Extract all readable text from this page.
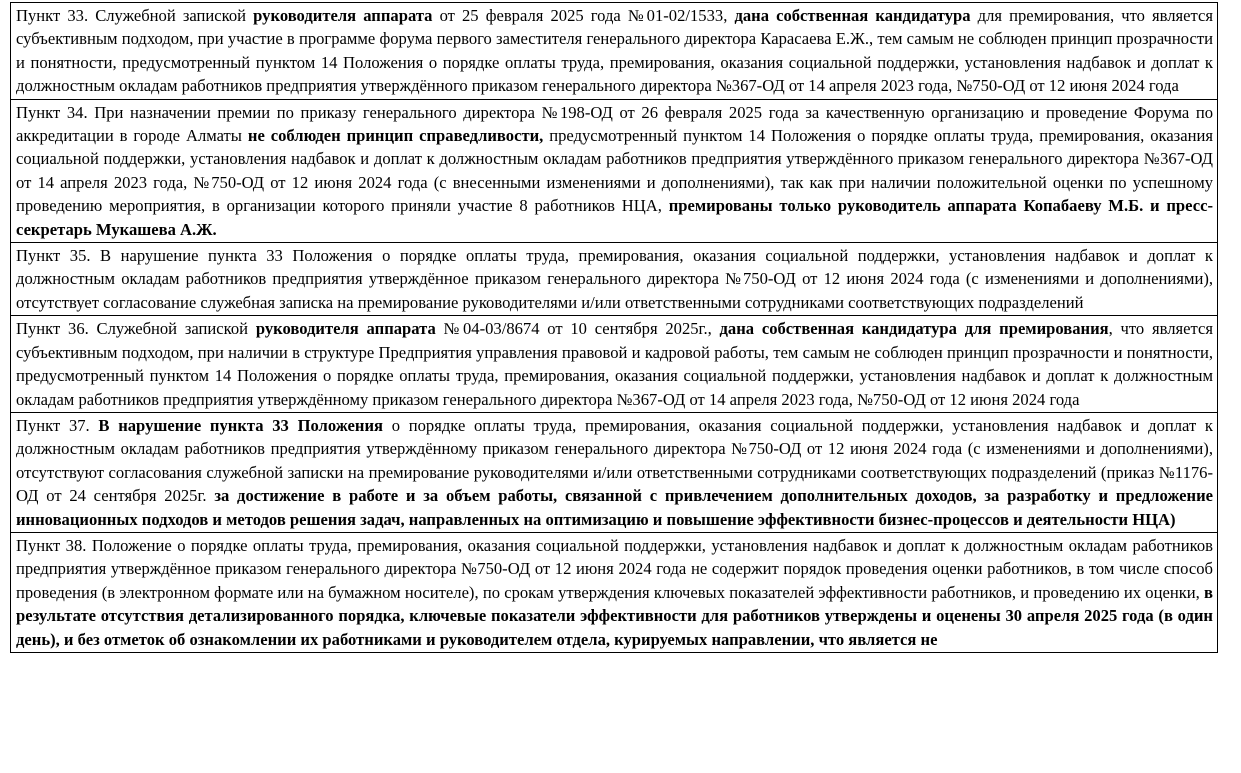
Пункт 33. Служебной запиской руководителя аппарата от 25 февраля 2025 года №01-02/1533, дана собственная кандидатура для премирования, что является субъективным подходом, при участие в программе форума первого заместителя генерального директора Карасаева Е.Ж., тем самым не соблюден принцип прозрачности и понятности, предусмотренный пунктом 14 Положения о порядке оплаты труда, премирования, оказания социальной поддержки, установления надбавок и доплат к должностным окладам работников предприятия утверждённого приказом генерального директора №367-ОД от 14 апреля 2023 года, №750-ОД от 12 июня 2024 года
Пункт 34. При назначении премии по приказу генерального директора №198-ОД от 26 февраля 2025 года за качественную организацию и проведение Форума по аккредитации в городе Алматы не соблюден принцип справедливости, предусмотренный пунктом 14 Положения о порядке оплаты труда, премирования, оказания социальной поддержки, установления надбавок и доплат к должностным окладам работников предприятия утверждённого приказом генерального директора №367-ОД от 14 апреля 2023 года, №750-ОД от 12 июня 2024 года (с внесенными изменениями и дополнениями), так как при наличии положительной оценки по успешному проведению мероприятия, в организации которого приняли участие 8 работников НЦА, премированы только руководитель аппарата Копабаеву М.Б. и пресс-секретарь Мукашева А.Ж.
Пункт 35. В нарушение пункта 33 Положения о порядке оплаты труда, премирования, оказания социальной поддержки, установления надбавок и доплат к должностным окладам работников предприятия утверждённое приказом генерального директора №750-ОД от 12 июня 2024 года (с изменениями и дополнениями), отсутствует согласование служебная записка на премирование руководителями и/или ответственными сотрудниками соответствующих подразделений
Пункт 36. Служебной запиской руководителя аппарата №04-03/8674 от 10 сентября 2025г., дана собственная кандидатура для премирования, что является субъективным подходом, при наличии в структуре Предприятия управления правовой и кадровой работы, тем самым не соблюден принцип прозрачности и понятности, предусмотренный пунктом 14 Положения о порядке оплаты труда, премирования, оказания социальной поддержки, установления надбавок и доплат к должностным окладам работников предприятия утверждённому приказом генерального директора №367-ОД от 14 апреля 2023 года, №750-ОД от 12 июня 2024 года
Пункт 37. В нарушение пункта 33 Положения о порядке оплаты труда, премирования, оказания социальной поддержки, установления надбавок и доплат к должностным окладам работников предприятия утверждённому приказом генерального директора №750-ОД от 12 июня 2024 года (с изменениями и дополнениями), отсутствуют согласования служебной записки на премирование руководителями и/или ответственными сотрудниками соответствующих подразделений (приказ №1176-ОД от 24 сентября 2025г. за достижение в работе и за объем работы, связанной с привлечением дополнительных доходов, за разработку и предложение инновационных подходов и методов решения задач, направленных на оптимизацию и повышение эффективности бизнес-процессов и деятельности НЦА)
Пункт 38. Положение о порядке оплаты труда, премирования, оказания социальной поддержки, установления надбавок и доплат к должностным окладам работников предприятия утверждённое приказом генерального директора №750-ОД от 12 июня 2024 года не содержит порядок проведения оценки работников, в том числе способ проведения (в электронном формате или на бумажном носителе), по срокам утверждения ключевых показателей эффективности работников, и проведению их оценки, в результате отсутствия детализированного порядка, ключевые показатели эффективности для работников утверждены и оценены 30 апреля 2025 года (в один день), и без отметок об ознакомлении их работниками и руководителем отдела, курируемых направлении, что является не
